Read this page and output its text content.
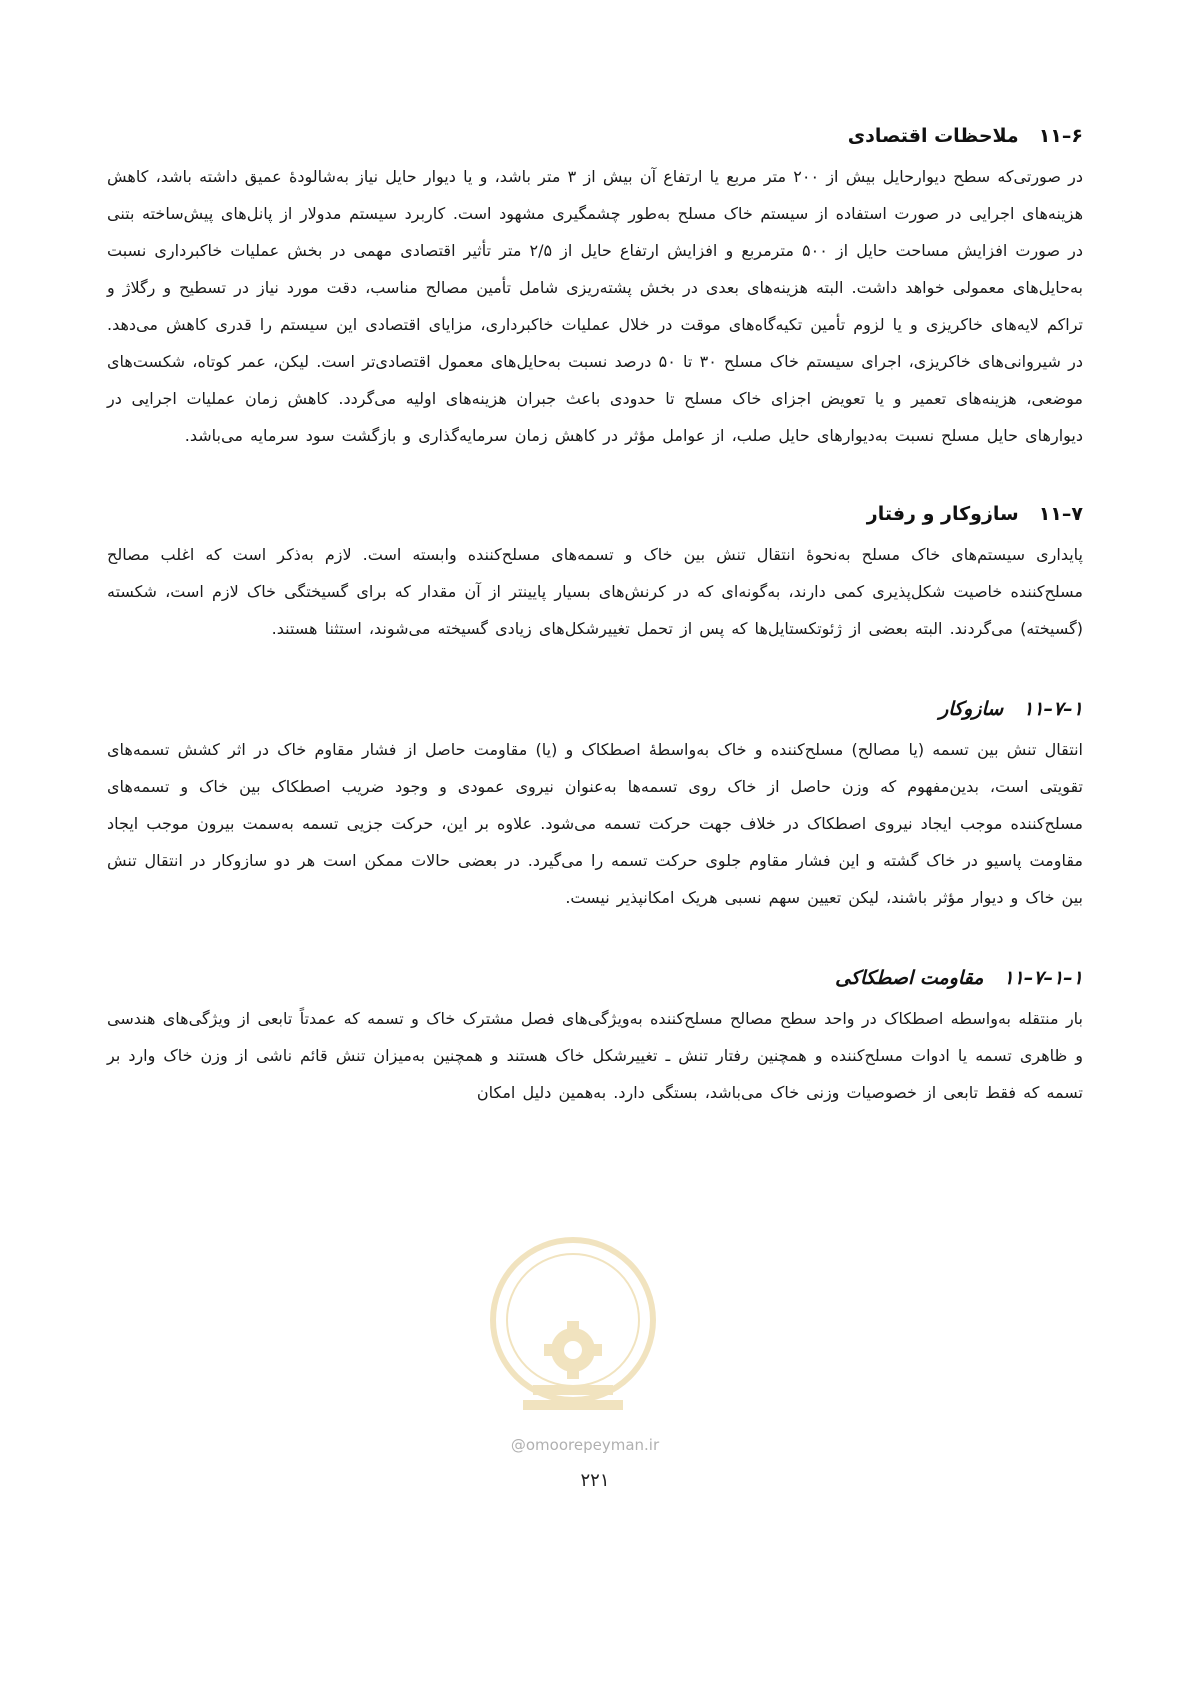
۱۱–۶ملاحظات اقتصادی

در صورتی‌که سطح دیوارحایل بیش از ۲۰۰ متر مربع یا ارتفاع آن بیش از ۳ متر باشد، و یا دیوار حایل نیاز به‌شالودهٔ عمیق داشته باشد، کاهش هزینه‌های اجرایی در صورت استفاده از سیستم خاک مسلح به‌طور چشمگیری مشهود است. کاربرد سیستم مدولار از پانل‌های پیش‌ساخته بتنی در صورت افزایش مساحت حایل از ۵۰۰ مترمربع و افزایش ارتفاع حایل از ۲/۵ متر تأثیر اقتصادی مهمی در بخش عملیات خاکبرداری نسبت به‌حایل‌های معمولی خواهد داشت. البته هزینه‌های بعدی در بخش پشته‌ریزی شامل تأمین مصالح مناسب، دقت مورد نیاز در تسطیح و رگلاژ و تراکم لایه‌های خاکریزی و یا لزوم تأمین تکیه‌گاه‌های موقت در خلال عملیات خاکبرداری، مزایای اقتصادی این سیستم را قدری کاهش می‌دهد. در شیروانی‌های خاکریزی، اجرای سیستم خاک مسلح ۳۰ تا ۵۰ درصد نسبت به‌حایل‌های معمول اقتصادی‌تر است. لیکن، عمر کوتاه، شکست‌های موضعی، هزینه‌های تعمیر و یا تعویض اجزای خاک مسلح تا حدودی باعث جبران هزینه‌های اولیه می‌گردد. کاهش زمان عملیات اجرایی در دیوارهای حایل مسلح نسبت به‌دیوارهای حایل صلب، از عوامل مؤثر در کاهش زمان سرمایه‌گذاری و بازگشت سود سرمایه می‌باشد.

۱۱–۷سازوکار و رفتار

پایداری سیستم‌های خاک مسلح به‌نحوهٔ انتقال تنش بین خاک و تسمه‌های مسلح‌کننده وابسته است. لازم به‌ذکر است که اغلب مصالح مسلح‌کننده خاصیت شکل‌پذیری کمی دارند، به‌گونه‌ای که در کرنش‌های بسیار پایینتر از آن مقدار که برای گسیختگی خاک لازم است، شکسته (گسیخته) می‌گردند. البته بعضی از ژئوتکستایل‌ها که پس از تحمل تغییرشکل‌های زیادی گسیخته می‌شوند، استثنا هستند.

۱۱–۷–۱سازوکار

انتقال تنش بین تسمه (یا مصالح) مسلح‌کننده و خاک به‌واسطهٔ اصطکاک و (یا) مقاومت حاصل از فشار مقاوم خاک در اثر کشش تسمه‌های تقویتی است، بدین‌مفهوم که وزن حاصل از خاک روی تسمه‌ها به‌عنوان نیروی عمودی و وجود ضریب اصطکاک بین خاک و تسمه‌های مسلح‌کننده موجب ایجاد نیروی اصطکاک در خلاف جهت حرکت تسمه می‌شود. علاوه بر این، حرکت جزیی تسمه به‌سمت بیرون موجب ایجاد مقاومت پاسیو در خاک گشته و این فشار مقاوم جلوی حرکت تسمه را می‌گیرد. در بعضی حالات ممکن است هر دو سازوکار در انتقال تنش بین خاک و دیوار مؤثر باشند، لیکن تعیین سهم نسبی هریک امکانپذیر نیست.

۱۱–۷–۱–۱مقاومت اصطکاکی

بار منتقله به‌واسطه اصطکاک در واحد سطح مصالح مسلح‌کننده به‌ویژگی‌های فصل مشترک خاک و تسمه که عمدتاً تابعی از ویژگی‌های هندسی و ظاهری تسمه یا ادوات مسلح‌کننده و همچنین رفتار تنش ـ تغییرشکل خاک هستند و همچنین به‌میزان تنش قائم ناشی از وزن خاک وارد بر تسمه که فقط تابعی از خصوصیات وزنی خاک می‌باشد، بستگی دارد. به‌همین دلیل امکان

@omoorepeyman.ir
۲۲۱
